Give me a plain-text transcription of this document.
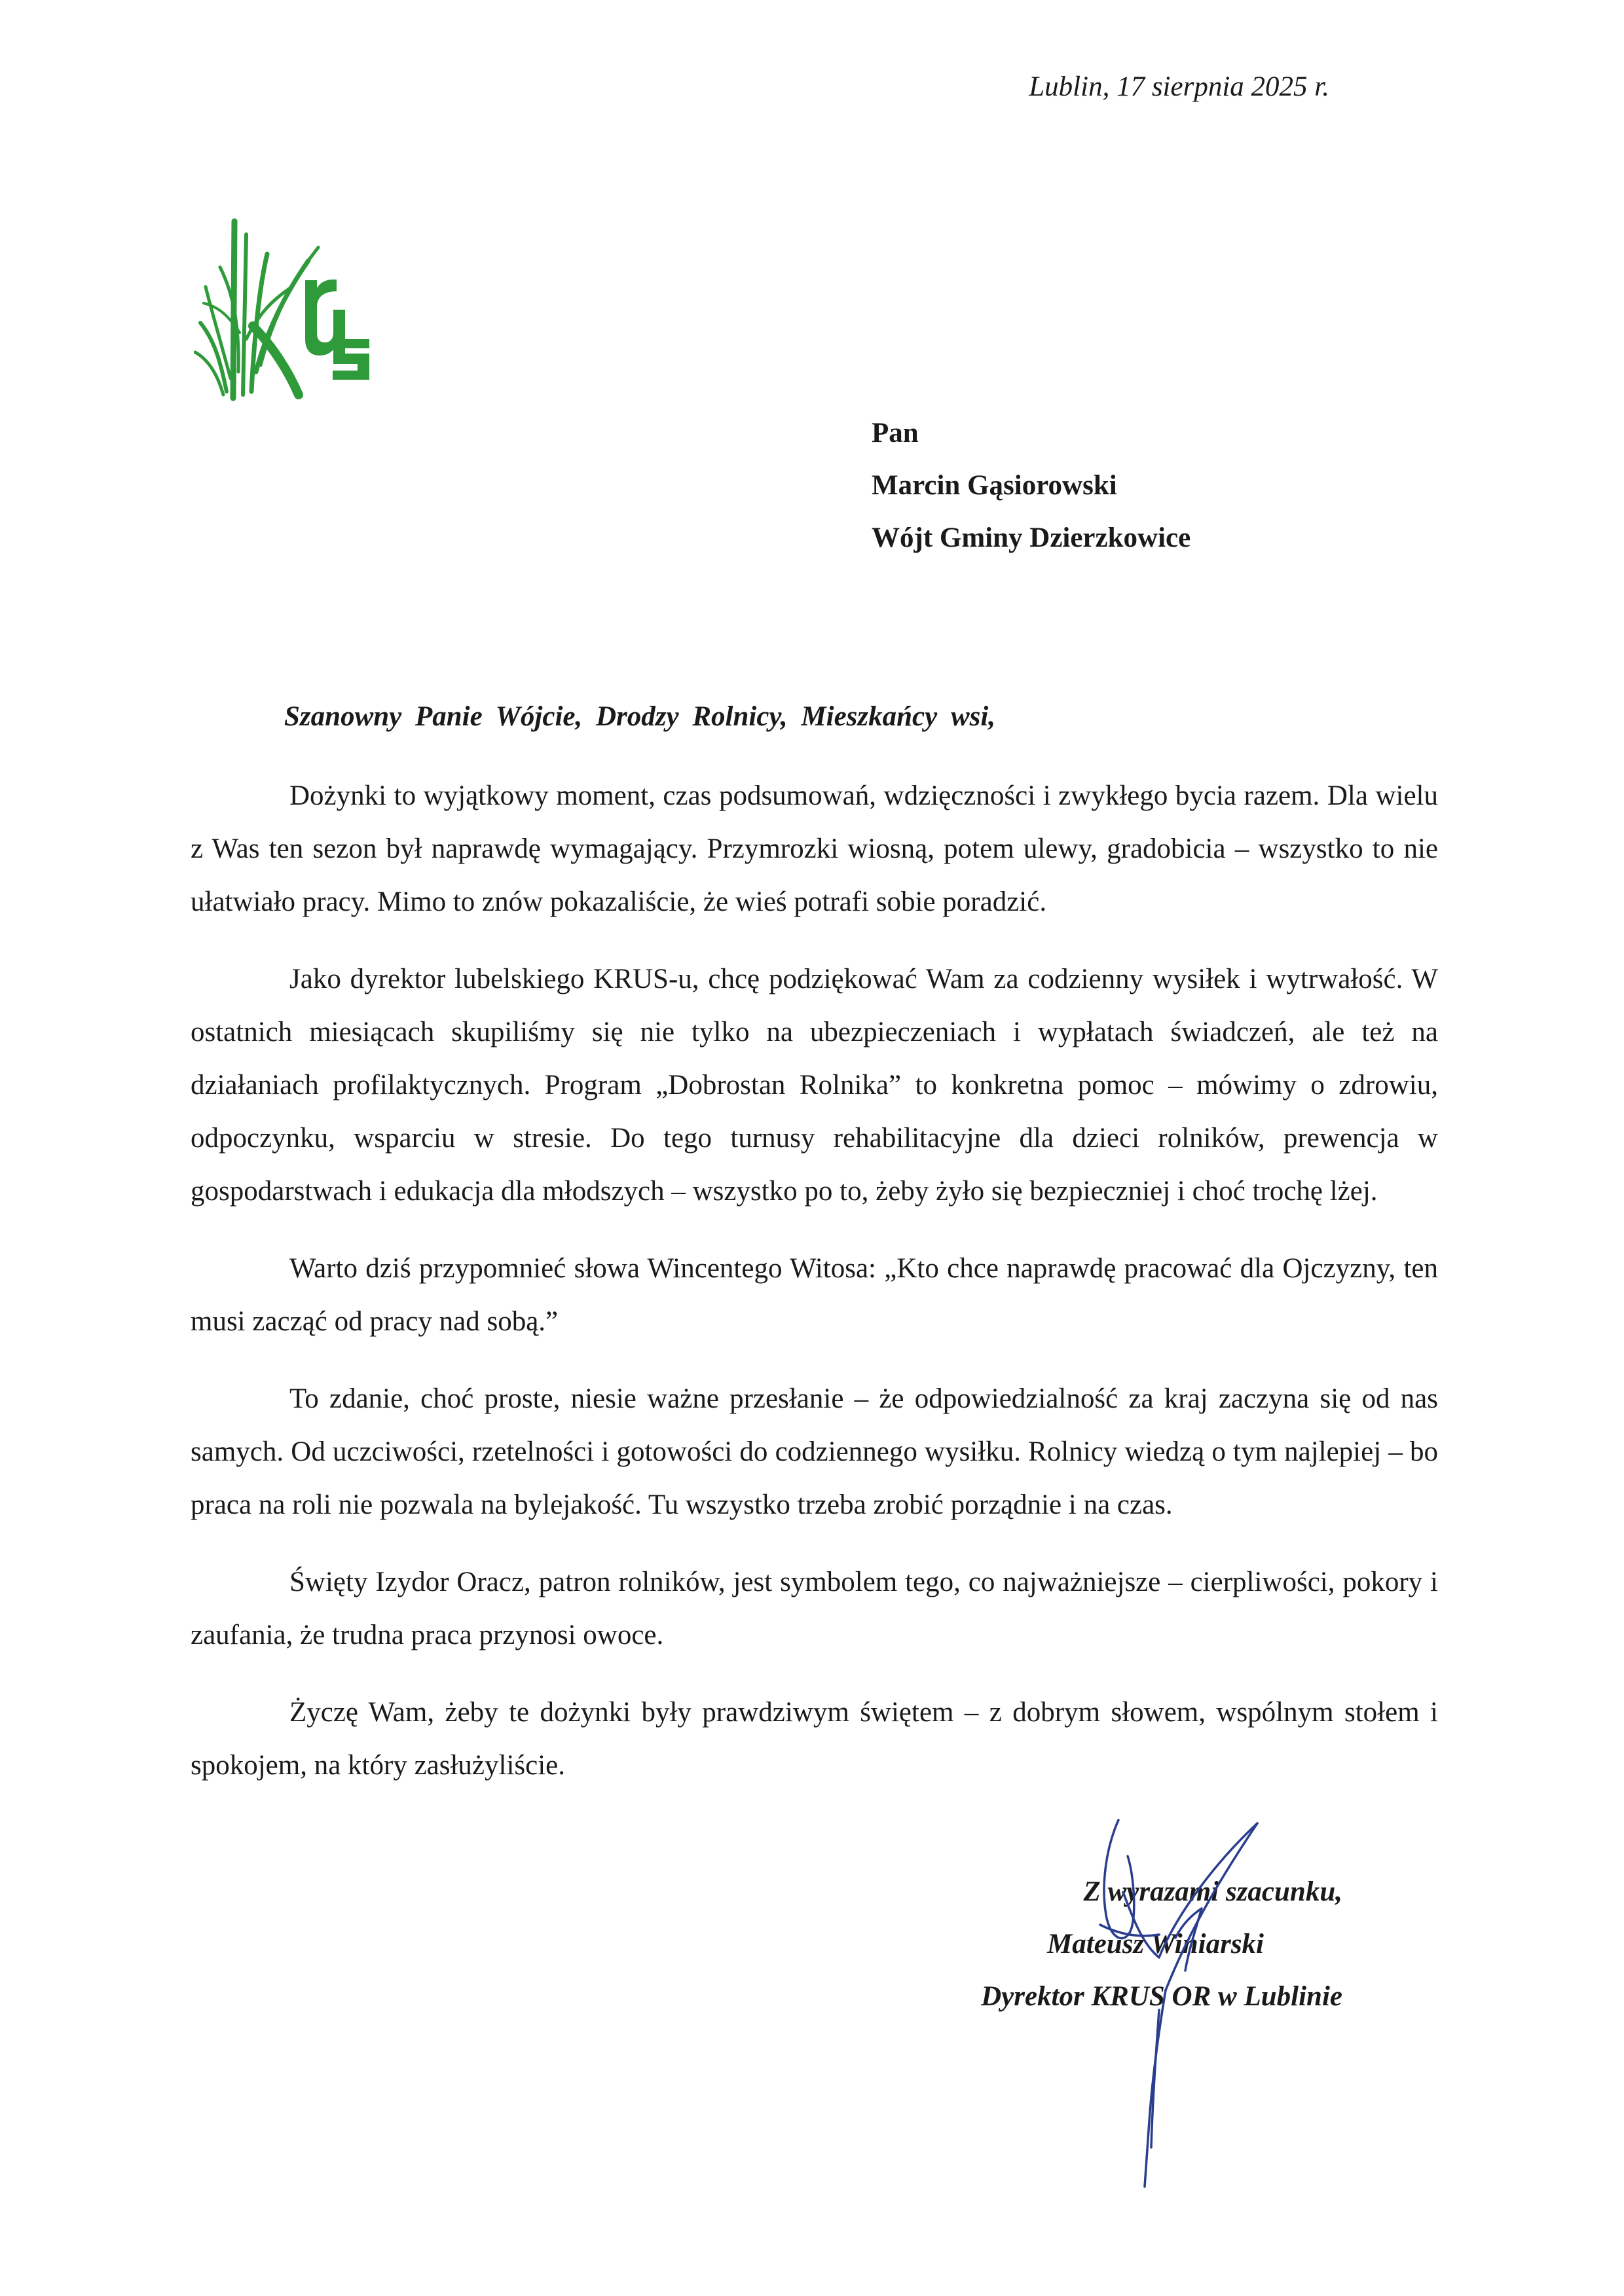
Lublin, 17 sierpnia 2025 r.
Pan
Marcin Gąsiorowski
Wójt Gminy Dzierzkowice
Szanowny Panie Wójcie, Drodzy Rolnicy, Mieszkańcy wsi,

Dożynki to wyjątkowy moment, czas podsumowań, wdzięczności i zwykłego bycia razem. Dla wielu z Was ten sezon był naprawdę wymagający. Przymrozki wiosną, potem ulewy, gradobicia – wszystko to nie ułatwiało pracy. Mimo to znów pokazaliście, że wieś potrafi sobie poradzić.

Jako dyrektor lubelskiego KRUS-u, chcę podziękować Wam za codzienny wysiłek i wytrwałość. W ostatnich miesiącach skupiliśmy się nie tylko na ubezpieczeniach i wypłatach świadczeń, ale też na działaniach profilaktycznych. Program „Dobrostan Rolnika” to konkretna pomoc – mówimy o zdrowiu, odpoczynku, wsparciu w stresie. Do tego turnusy rehabilitacyjne dla dzieci rolników, prewencja w gospodarstwach i edukacja dla młodszych – wszystko po to, żeby żyło się bezpieczniej i choć trochę lżej.

Warto dziś przypomnieć słowa Wincentego Witosa: „Kto chce naprawdę pracować dla Ojczyzny, ten musi zacząć od pracy nad sobą.”

To zdanie, choć proste, niesie ważne przesłanie – że odpowiedzialność za kraj zaczyna się od nas samych. Od uczciwości, rzetelności i gotowości do codziennego wysiłku. Rolnicy wiedzą o tym najlepiej – bo praca na roli nie pozwala na bylejakość. Tu wszystko trzeba zrobić porządnie i na czas.

Święty Izydor Oracz, patron rolników, jest symbolem tego, co najważniejsze – cierpliwości, pokory i zaufania, że trudna praca przynosi owoce.

Życzę Wam, żeby te dożynki były prawdziwym świętem – z dobrym słowem, wspólnym stołem i spokojem, na który zasłużyliście.

Z wyrazami szacunku,
Mateusz Winiarski
Dyrektor KRUS OR w Lublinie
